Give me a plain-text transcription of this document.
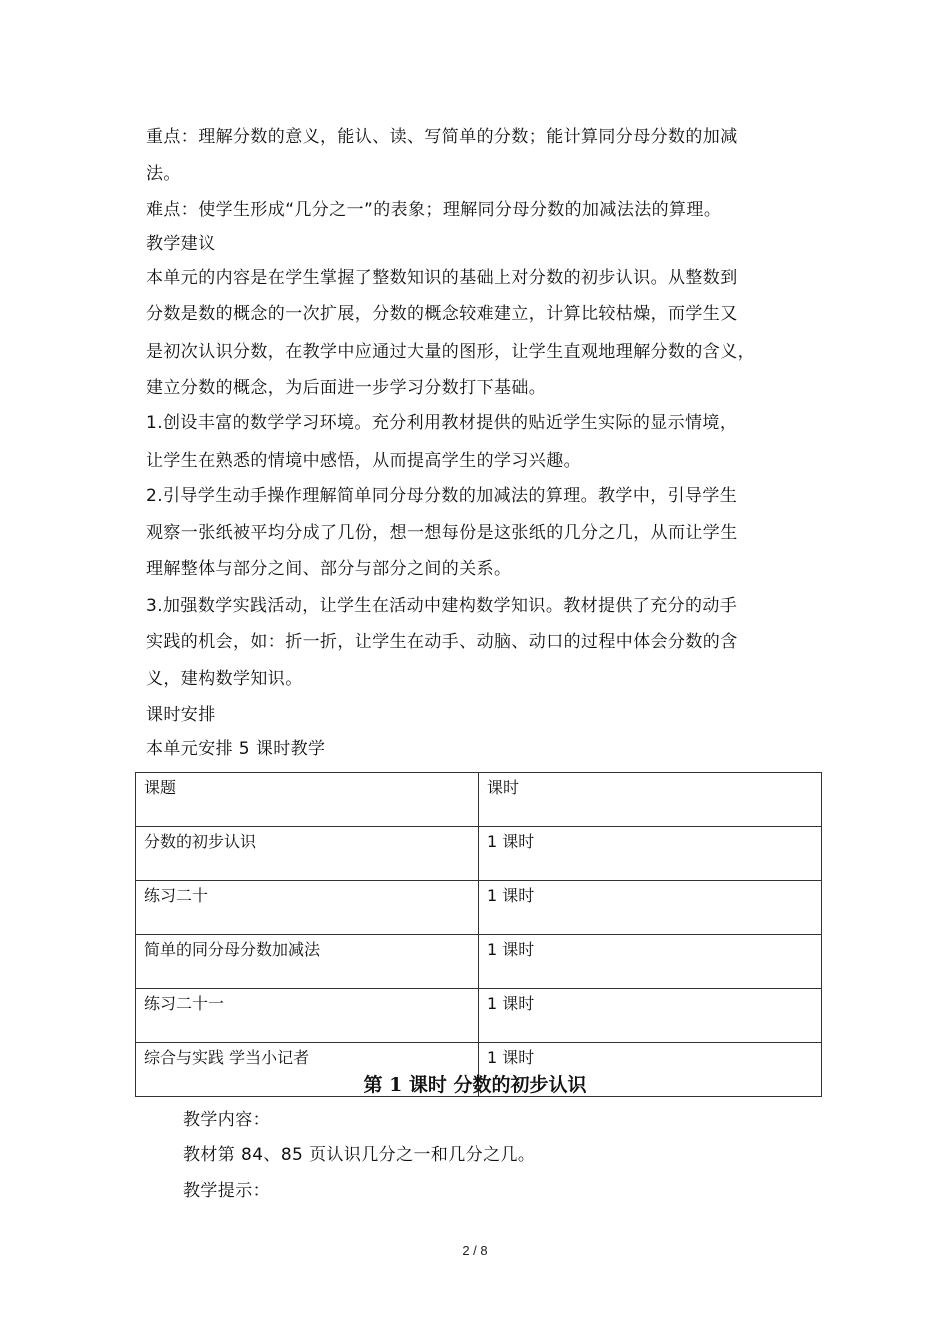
重点：理解分数的意义，能认、读、写简单的分数；能计算同分母分数的加减
法。
难点：使学生形成“几分之一”的表象；理解同分母分数的加减法法的算理。
教学建议
本单元的内容是在学生掌握了整数知识的基础上对分数的初步认识。从整数到
分数是数的概念的一次扩展，分数的概念较难建立，计算比较枯燥，而学生又
是初次认识分数，在教学中应通过大量的图形，让学生直观地理解分数的含义，
建立分数的概念，为后面进一步学习分数打下基础。
1.创设丰富的数学学习环境。充分利用教材提供的贴近学生实际的显示情境，
让学生在熟悉的情境中感悟，从而提高学生的学习兴趣。
2.引导学生动手操作理解简单同分母分数的加减法的算理。教学中，引导学生
观察一张纸被平均分成了几份，想一想每份是这张纸的几分之几，从而让学生
理解整体与部分之间、部分与部分之间的关系。
3.加强数学实践活动，让学生在活动中建构数学知识。教材提供了充分的动手
实践的机会，如：折一折，让学生在动手、动脑、动口的过程中体会分数的含
义，建构数学知识。
课时安排
本单元安排 5 课时教学
课题	课时
分数的初步认识	1 课时
练习二十	1 课时
简单的同分母分数加减法	1 课时
练习二十一	1 课时
综合与实践 学当小记者	1 课时
第 1 课时 分数的初步认识
教学内容：
教材第 84、85 页认识几分之一和几分之几。
教学提示：
2 / 8
